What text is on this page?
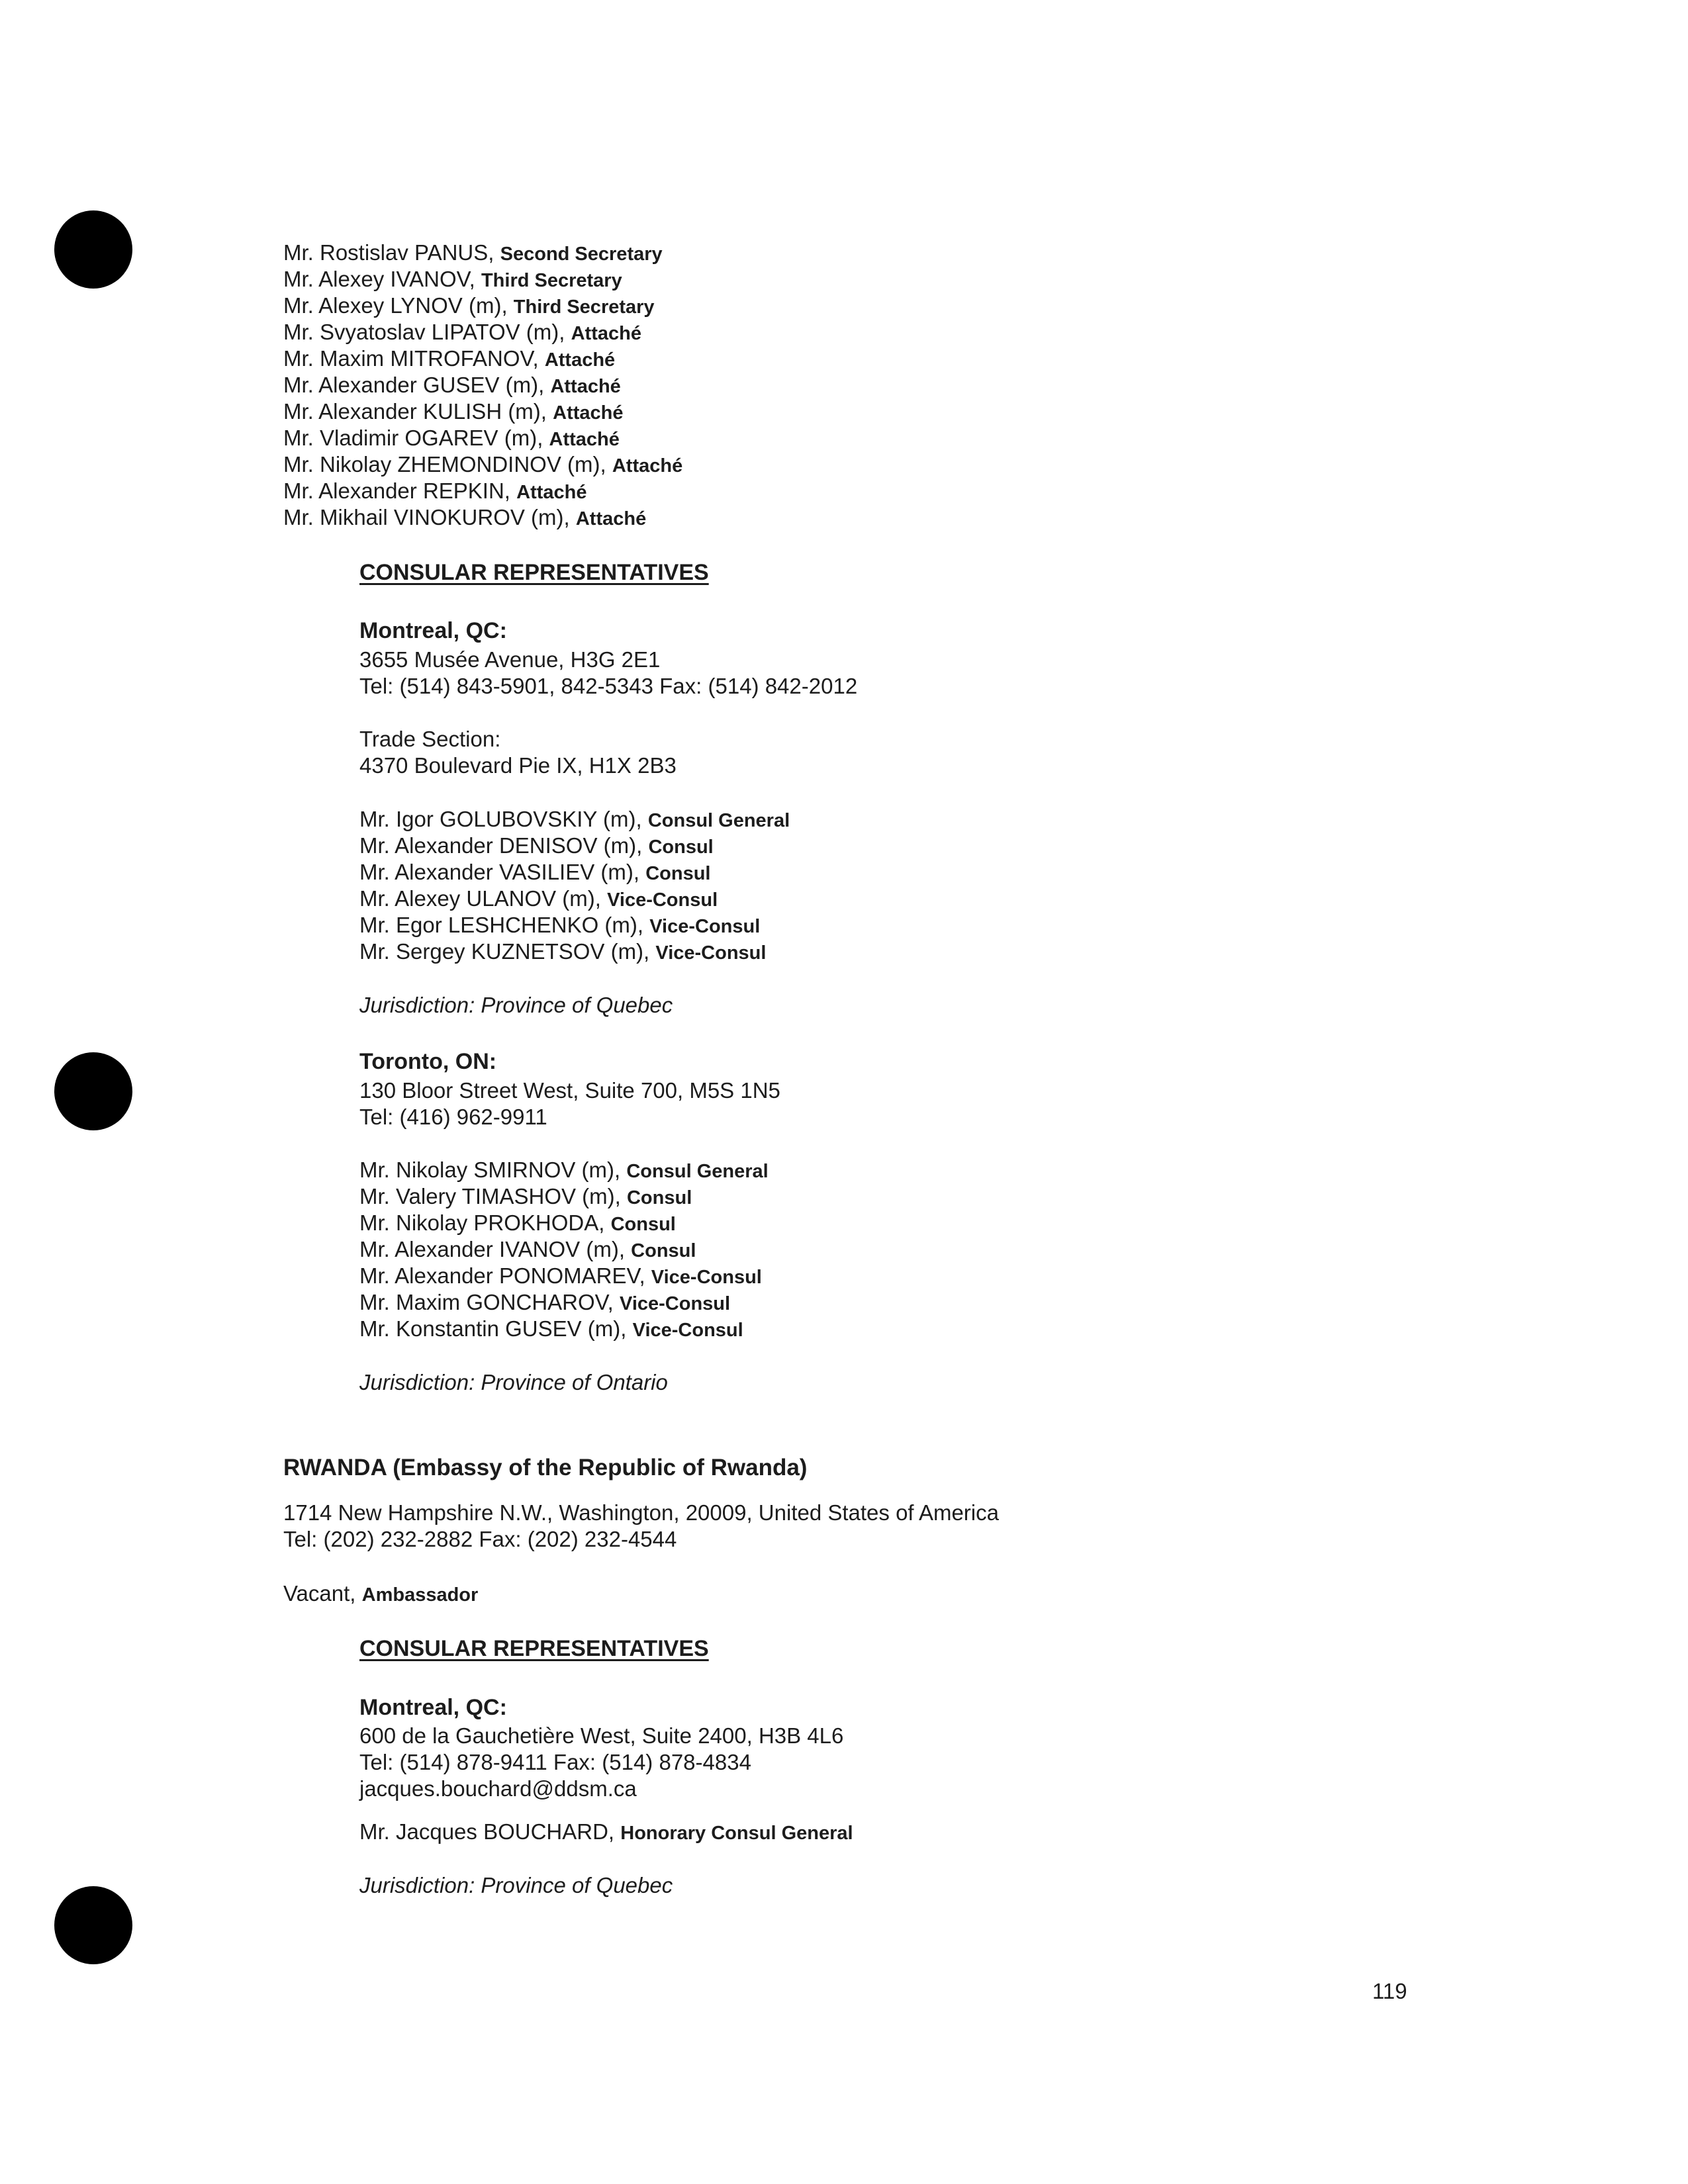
Mr. Rostislav PANUS, Second Secretary
Mr. Alexey IVANOV, Third Secretary
Mr. Alexey LYNOV (m), Third Secretary
Mr. Svyatoslav LIPATOV (m), Attaché
Mr. Maxim MITROFANOV, Attaché
Mr. Alexander GUSEV (m), Attaché
Mr. Alexander KULISH (m), Attaché
Mr. Vladimir OGAREV (m), Attaché
Mr. Nikolay ZHEMONDINOV (m), Attaché
Mr. Alexander REPKIN, Attaché
Mr. Mikhail VINOKUROV (m), Attaché
CONSULAR REPRESENTATIVES
Montreal, QC:
3655 Musée Avenue, H3G 2E1
Tel: (514) 843-5901, 842-5343 Fax: (514) 842-2012
Trade Section:
4370 Boulevard Pie IX, H1X 2B3
Mr. Igor GOLUBOVSKIY (m), Consul General
Mr. Alexander DENISOV (m), Consul
Mr. Alexander VASILIEV (m), Consul
Mr. Alexey ULANOV (m), Vice-Consul
Mr. Egor LESHCHENKO (m), Vice-Consul
Mr. Sergey KUZNETSOV (m), Vice-Consul
Jurisdiction: Province of Quebec
Toronto, ON:
130 Bloor Street West, Suite 700, M5S 1N5
Tel: (416) 962-9911
Mr. Nikolay SMIRNOV (m), Consul General
Mr. Valery TIMASHOV (m), Consul
Mr. Nikolay PROKHODA, Consul
Mr. Alexander IVANOV (m), Consul
Mr. Alexander PONOMAREV, Vice-Consul
Mr. Maxim GONCHAROV, Vice-Consul
Mr. Konstantin GUSEV (m), Vice-Consul
Jurisdiction: Province of Ontario
RWANDA (Embassy of the Republic of Rwanda)
1714 New Hampshire N.W., Washington, 20009, United States of America
Tel: (202) 232-2882 Fax: (202) 232-4544
Vacant, Ambassador
CONSULAR REPRESENTATIVES
Montreal, QC:
600 de la Gauchetière West, Suite 2400, H3B 4L6
Tel: (514) 878-9411 Fax: (514) 878-4834
jacques.bouchard@ddsm.ca
Mr. Jacques BOUCHARD, Honorary Consul General
Jurisdiction: Province of Quebec
119
